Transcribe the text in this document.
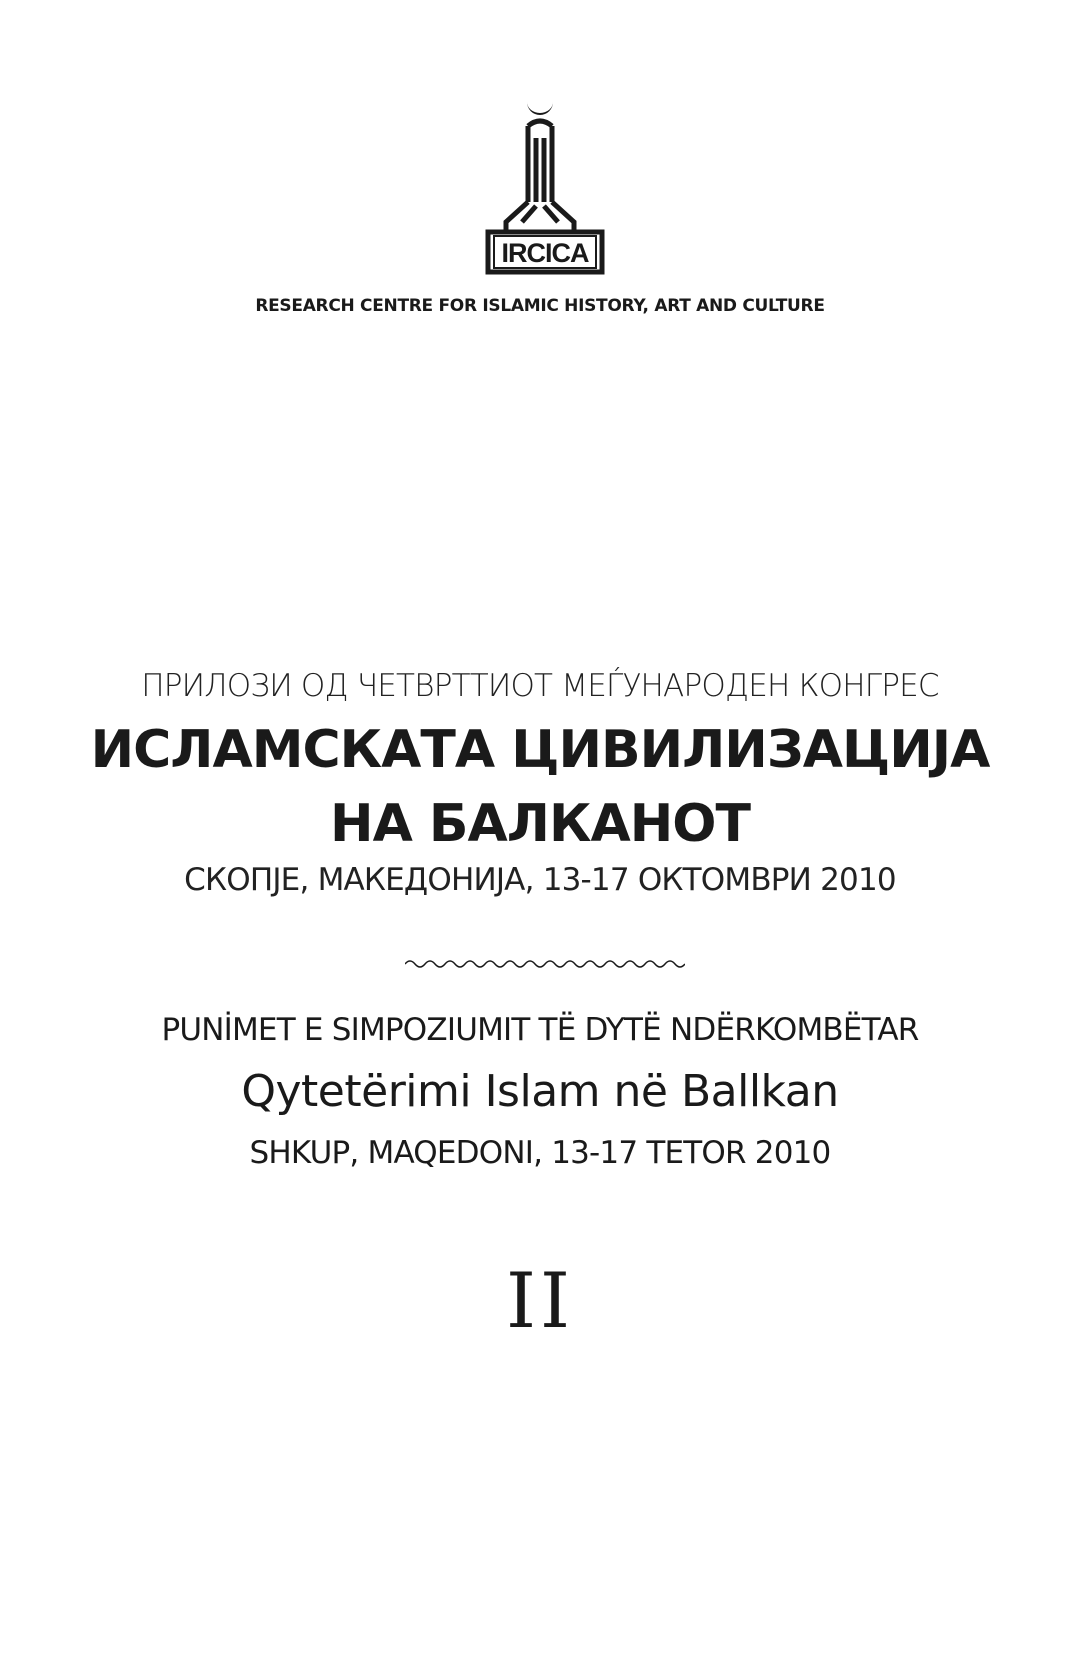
IRCICA
RESEARCH CENTRE FOR ISLAMIC HISTORY, ART AND CULTURE
ПРИЛОЗИ ОД ЧЕТВРТТИОТ МЕЃУНАРОДЕН КОНГРЕС
ИСЛАМСКАТА ЦИВИЛИЗАЦИЈА
НА БАЛКАНОТ
СКОПЈЕ, МАКЕДОНИЈА, 13-17 ОКТОМВРИ 2010
PUNİMET E SIMPOZIUMIT TË DYTË NDËRKOMBËTAR
Qytetërimi Islam në Ballkan
SHKUP, MAQEDONI, 13-17 TETOR 2010
II
